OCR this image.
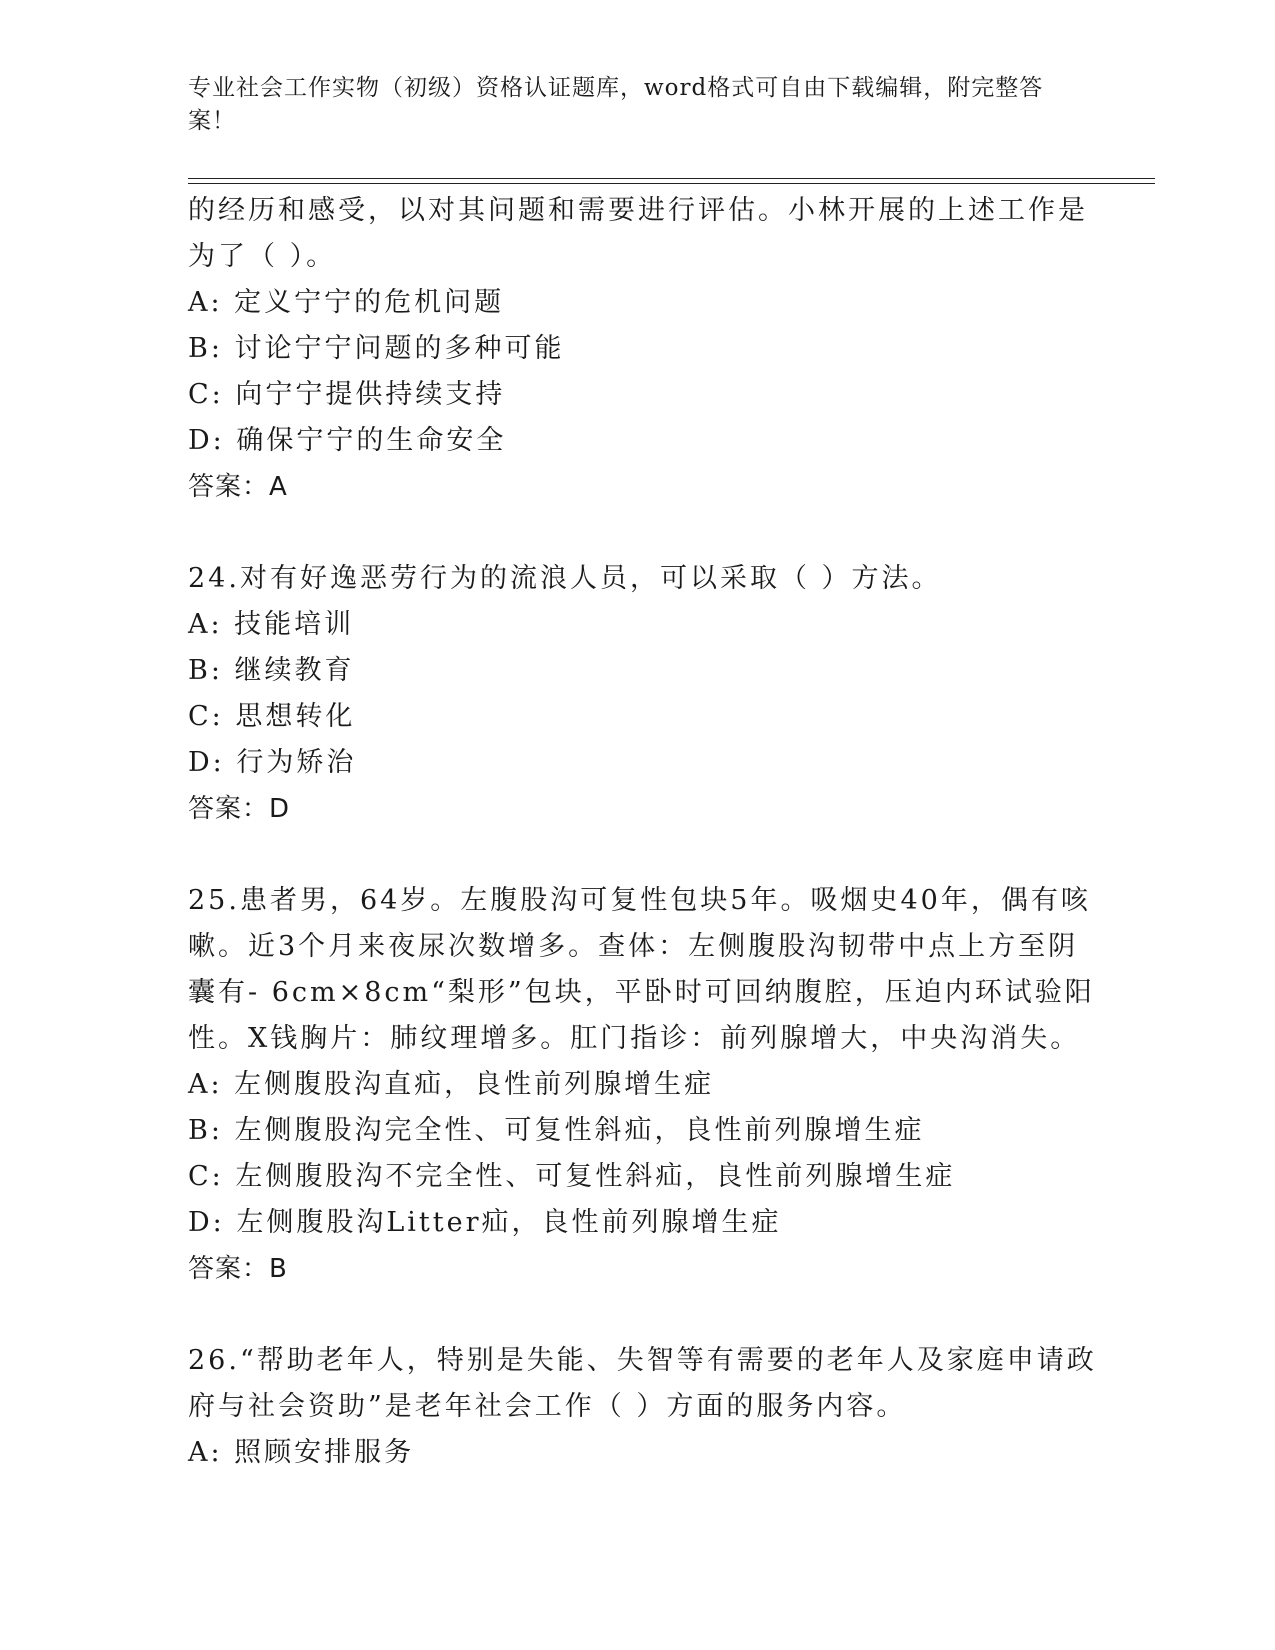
专业社会工作实物（初级）资格认证题库，word格式可自由下载编辑，附完整答
案！
的经历和感受，以对其问题和需要进行评估。小林开展的上述工作是
为了（ ）。
A: 定义宁宁的危机问题
B: 讨论宁宁问题的多种可能
C: 向宁宁提供持续支持
D: 确保宁宁的生命安全
答案：A
24.对有好逸恶劳行为的流浪人员，可以采取（ ）方法。
A: 技能培训
B: 继续教育
C: 思想转化
D: 行为矫治
答案：D
25.患者男，64岁。左腹股沟可复性包块5年。吸烟史40年，偶有咳
嗽。近3个月来夜尿次数增多。查体：左侧腹股沟韧带中点上方至阴
囊有- 6cm×8cm“梨形”包块，平卧时可回纳腹腔，压迫内环试验阳
性。X钱胸片：肺纹理增多。肛门指诊：前列腺增大，中央沟消失。
A: 左侧腹股沟直疝，良性前列腺增生症
B: 左侧腹股沟完全性、可复性斜疝，良性前列腺增生症
C: 左侧腹股沟不完全性、可复性斜疝，良性前列腺增生症
D: 左侧腹股沟Litter疝，良性前列腺增生症
答案：B
26.“帮助老年人，特别是失能、失智等有需要的老年人及家庭申请政
府与社会资助”是老年社会工作（ ）方面的服务内容。
A: 照顾安排服务
